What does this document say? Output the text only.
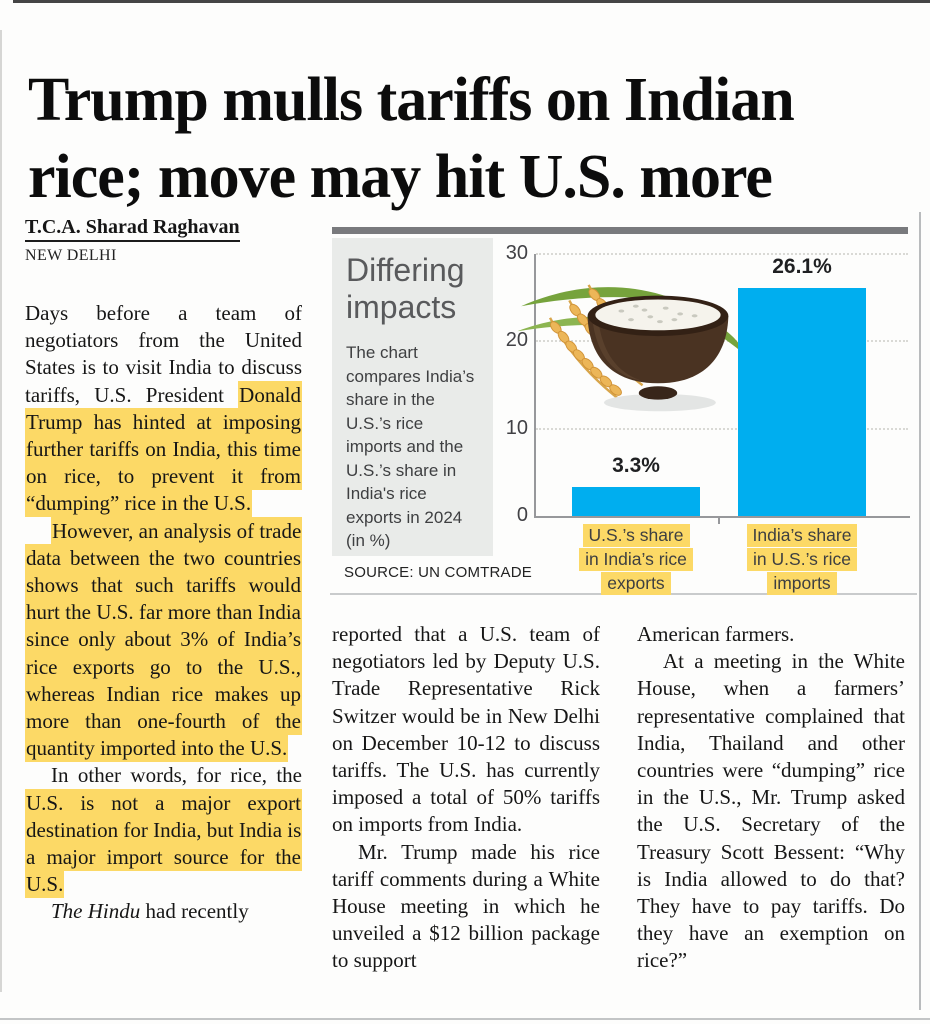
Trump mulls tariffs on Indian rice; move may hit U.S. more
T.C.A. Sharad Raghavan
NEW DELHI

Days before a team of negotiators from the United States is to visit India to discuss tariffs, U.S. President Donald Trump has hinted at imposing further tariffs on India, this time on rice, to prevent it from “dumping” rice in the U.S.

However, an analysis of trade data between the two countries shows that such tariffs would hurt the U.S. far more than India since only about 3% of India’s rice exports go to the U.S., whereas Indian rice makes up more than one-fourth of the quantity imported into the U.S.

In other words, for rice, the U.S. is not a major export destination for India, but India is a major import source for the U.S.

The Hindu had recently

reported that a U.S. team of negotiators led by Deputy U.S. Trade Representative Rick Switzer would be in New Delhi on December 10-12 to discuss tariffs. The U.S. has currently imposed a total of 50% tariffs on imports from India.

Mr. Trump made his rice tariff comments during a White House meeting in which he unveiled a $12 billion package to support

American farmers.

At a meeting in the White House, when a farmers’ representative complained that India, Thailand and other countries were “dumping” rice in the U.S., Mr. Trump asked the U.S. Secretary of the Treasury Scott Bessent: “Why is India allowed to do that? They have to pay tariffs. Do they have an exemption on rice?”

Differing impacts
The chart compares India’s share in the U.S.’s rice imports and the U.S.’s share in India's rice exports in 2024 (in %)
SOURCE: UN COMTRADE
0
10
20
30
3.3%
U.S.’s share
in India’s rice
exports
26.1%
India’s share
in U.S.’s rice
imports
